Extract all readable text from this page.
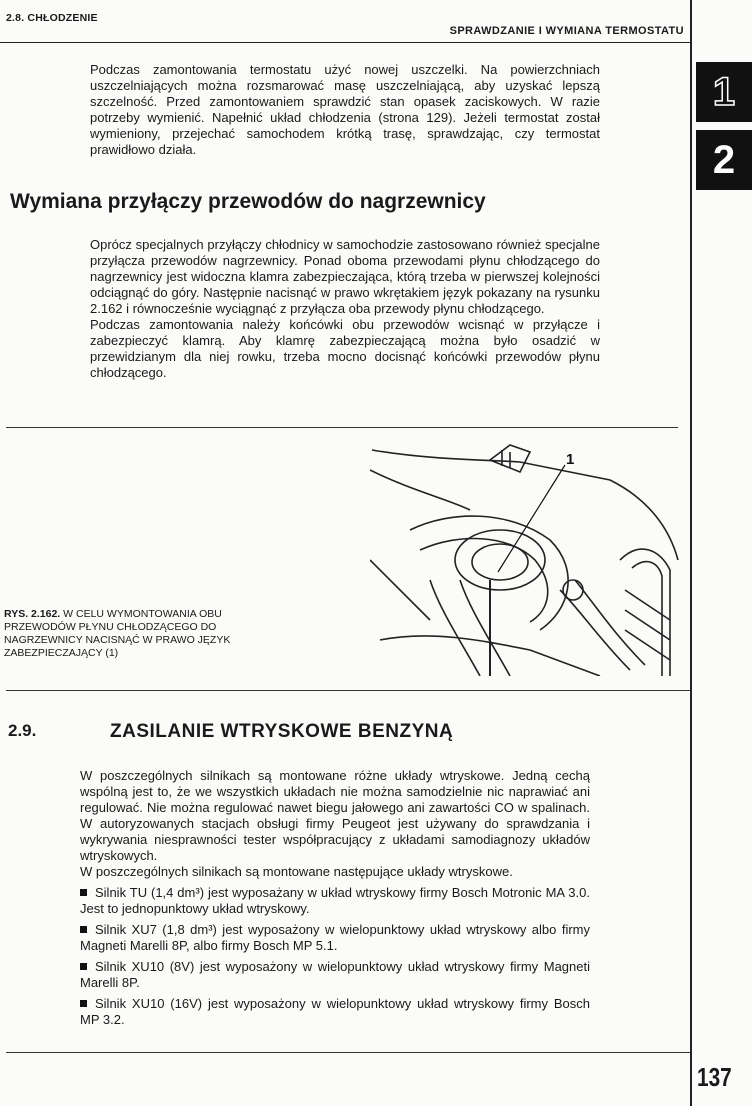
2.8. CHŁODZENIE
SPRAWDZANIE I WYMIANA TERMOSTATU
1
2
Podczas zamontowania termostatu użyć nowej uszczelki. Na powierzchniach uszczelniających można rozsmarować masę uszczelniającą, aby uzyskać lepszą szczelność. Przed zamontowaniem sprawdzić stan opasek zaciskowych. W razie potrzeby wymienić. Napełnić układ chłodzenia (strona 129). Jeżeli termostat został wymieniony, przejechać samochodem krótką trasę, sprawdzając, czy termostat prawidłowo działa.
Wymiana przyłączy przewodów do nagrzewnicy

Oprócz specjalnych przyłączy chłodnicy w samochodzie zastosowano również specjalne przyłącza przewodów nagrzewnicy. Ponad oboma przewodami płynu chłodzącego do nagrzewnicy jest widoczna klamra zabezpieczająca, którą trzeba w pierwszej kolejności odciągnąć do góry. Następnie nacisnąć w prawo wkrętakiem język pokazany na rysunku 2.162 i równocześnie wyciągnąć z przyłącza oba przewody płynu chłodzącego.

Podczas zamontowania należy końcówki obu przewodów wcisnąć w przyłącze i zabezpieczyć klamrą. Aby klamrę zabezpieczającą można było osadzić w przewidzianym dla niej rowku, trzeba mocno docisnąć końcówki przewodów płynu chłodzącego.

1
RYS. 2.162. W CELU WYMONTOWANIA OBU PRZEWODÓW PŁYNU CHŁODZĄCEGO DO NAGRZEWNICY NACISNĄĆ W PRAWO JĘZYK ZABEZPIECZAJĄCY (1)
2.9.	ZASILANIE WTRYSKOWE BENZYNĄ

W poszczególnych silnikach są montowane różne układy wtryskowe. Jedną cechą wspólną jest to, że we wszystkich układach nie można samodzielnie nic naprawiać ani regulować. Nie można regulować nawet biegu jałowego ani zawartości CO w spalinach. W autoryzowanych stacjach obsługi firmy Peugeot jest używany do sprawdzania i wykrywania niesprawności tester współpracujący z układami samodiagnozy układów wtryskowych.

W poszczególnych silnikach są montowane następujące układy wtryskowe.

Silnik TU (1,4 dm³) jest wyposażany w układ wtryskowy firmy Bosch Motronic MA 3.0. Jest to jednopunktowy układ wtryskowy.

Silnik XU7 (1,8 dm³) jest wyposażony w wielopunktowy układ wtryskowy albo firmy Magneti Marelli 8P, albo firmy Bosch MP 5.1.

Silnik XU10 (8V) jest wyposażony w wielopunktowy układ wtryskowy firmy Magneti Marelli 8P.

Silnik XU10 (16V) jest wyposażony w wielopunktowy układ wtryskowy firmy Bosch MP 3.2.

137
